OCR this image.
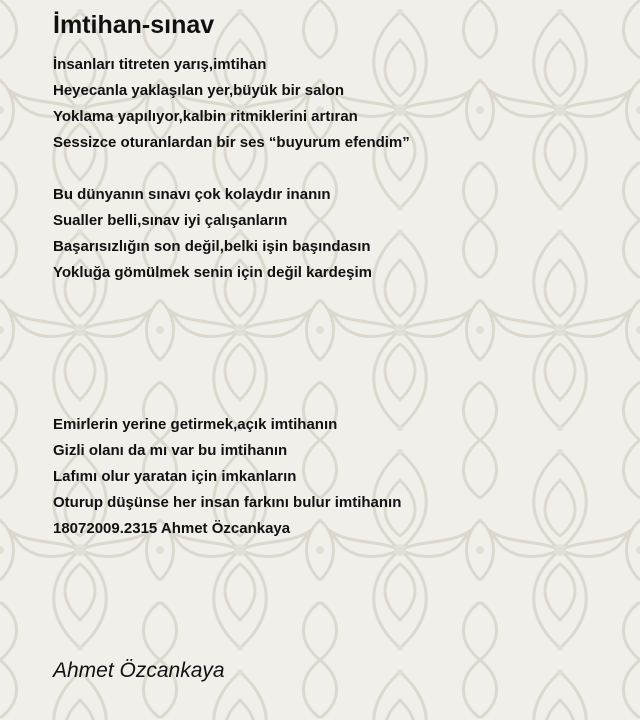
İmtihan-sınav
İnsanları titreten yarış,imtihan
Heyecanla yaklaşılan yer,büyük bir salon
Yoklama yapılıyor,kalbin ritmiklerini artıran
Sessizce oturanlardan bir ses “buyurum efendim”
Bu dünyanın sınavı çok kolaydır inanın
Sualler belli,sınav iyi çalışanların
Başarısızlığın son değil,belki işin başındasın
Yokluğa gömülmek senin için değil kardeşim
Emirlerin yerine getirmek,açık imtihanın
Gizli olanı da mı var bu imtihanın
Lafımı olur yaratan için imkanların
Oturup düşünse her insan farkını bulur imtihanın
18072009.2315 Ahmet Özcankaya

Ahmet Özcankaya
